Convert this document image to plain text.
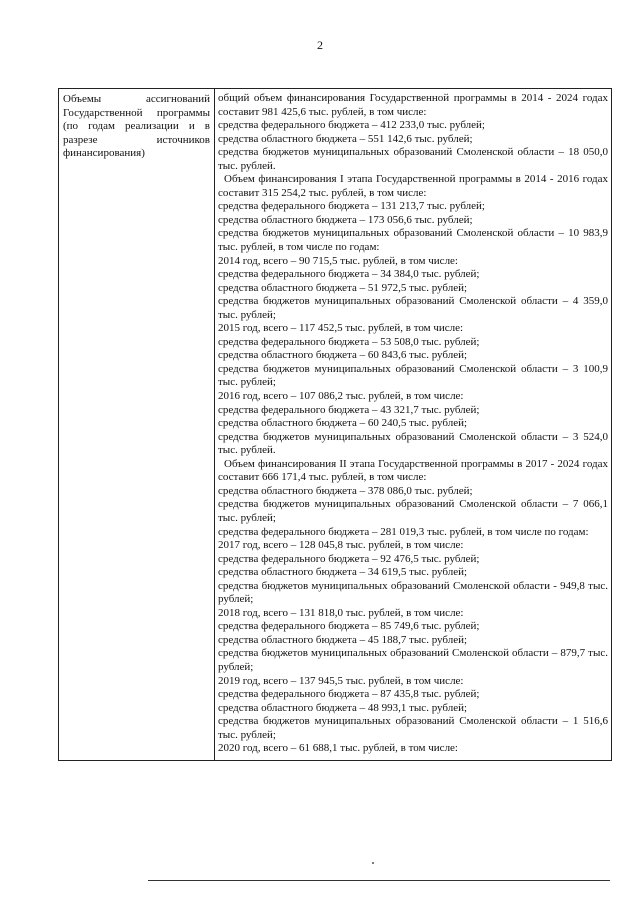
2
Объемы ассигнований Государственной программы (по годам реализации и в разрезе источников финансирования)

общий объем финансирования Государственной программы в 2014 - 2024 годах составит 981 425,6 тыс. рублей, в том числе:

средства федерального бюджета – 412 233,0 тыс. рублей;

средства областного бюджета – 551 142,6 тыс. рублей;

средства бюджетов муниципальных образований Смоленской области – 18 050,0 тыс. рублей.

Объем финансирования I этапа Государственной программы в 2014 - 2016 годах составит 315 254,2 тыс. рублей, в том числе:

средства федерального бюджета – 131 213,7 тыс. рублей;

средства областного бюджета – 173 056,6 тыс. рублей;

средства бюджетов муниципальных образований Смоленской области – 10 983,9 тыс. рублей, в том числе по годам:

2014 год, всего – 90 715,5 тыс. рублей, в том числе:

средства федерального бюджета – 34 384,0 тыс. рублей;

средства областного бюджета – 51 972,5 тыс. рублей;

средства бюджетов муниципальных образований Смоленской области – 4 359,0 тыс. рублей;

2015 год, всего – 117 452,5 тыс. рублей, в том числе:

средства федерального бюджета – 53 508,0 тыс. рублей;

средства областного бюджета – 60 843,6 тыс. рублей;

средства бюджетов муниципальных образований Смоленской области – 3 100,9 тыс. рублей;

2016 год, всего – 107 086,2 тыс. рублей, в том числе:

средства федерального бюджета – 43 321,7 тыс. рублей;

средства областного бюджета – 60 240,5 тыс. рублей;

средства бюджетов муниципальных образований Смоленской области – 3 524,0 тыс. рублей.

Объем финансирования II этапа Государственной программы в 2017 - 2024 годах составит 666 171,4 тыс. рублей, в том числе:

средства областного бюджета – 378 086,0 тыс. рублей;

средства бюджетов муниципальных образований Смоленской области – 7 066,1 тыс. рублей;

средства федерального бюджета – 281 019,3 тыс. рублей, в том числе по годам:

2017 год, всего – 128 045,8 тыс. рублей, в том числе:

средства федерального бюджета – 92 476,5 тыс. рублей;

средства областного бюджета – 34 619,5 тыс. рублей;

средства бюджетов муниципальных образований Смоленской области - 949,8 тыс. рублей;

2018 год, всего – 131 818,0 тыс. рублей, в том числе:

средства федерального бюджета – 85 749,6 тыс. рублей;

средства областного бюджета – 45 188,7 тыс. рублей;

средства бюджетов муниципальных образований Смоленской области – 879,7 тыс. рублей;

2019 год, всего – 137 945,5 тыс. рублей, в том числе:

средства федерального бюджета – 87 435,8 тыс. рублей;

средства областного бюджета – 48 993,1 тыс. рублей;

средства бюджетов муниципальных образований Смоленской области – 1 516,6 тыс. рублей;

2020 год, всего – 61 688,1 тыс. рублей, в том числе:
